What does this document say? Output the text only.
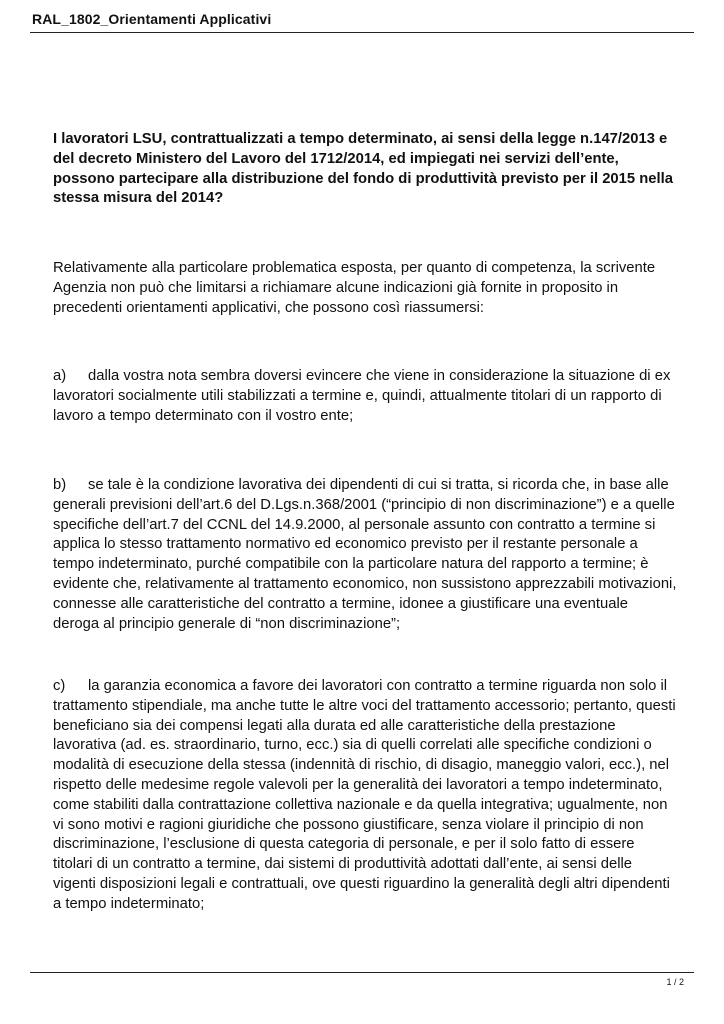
RAL_1802_Orientamenti Applicativi

I lavoratori LSU, contrattualizzati a tempo determinato, ai sensi della legge n.147/2013 e del decreto Ministero del Lavoro del 1712/2014, ed impiegati nei servizi dell’ente, possono partecipare alla distribuzione del fondo di produttività previsto per il 2015 nella stessa misura del 2014?

Relativamente alla particolare problematica esposta, per quanto di competenza, la scrivente Agenzia non può che limitarsi a richiamare alcune indicazioni già fornite in proposito in precedenti orientamenti applicativi, che possono così riassumersi:

a) dalla vostra nota sembra doversi evincere che viene in considerazione la situazione di ex lavoratori socialmente utili stabilizzati a termine e, quindi, attualmente titolari di un rapporto di lavoro a tempo determinato con il vostro ente;

b) se tale è la condizione lavorativa dei dipendenti di cui si tratta, si ricorda che, in base alle generali previsioni dell’art.6 del D.Lgs.n.368/2001 (“principio di non discriminazione”) e a quelle specifiche dell’art.7 del CCNL del 14.9.2000, al personale assunto con contratto a termine si applica lo stesso trattamento normativo ed economico previsto per il restante personale a tempo indeterminato, purché compatibile con la particolare natura del rapporto a termine; è evidente che, relativamente al trattamento economico, non sussistono apprezzabili motivazioni, connesse alle caratteristiche del contratto a termine, idonee a giustificare una eventuale deroga al principio generale di “non discriminazione”;

c) la garanzia economica a favore dei lavoratori con contratto a termine riguarda non solo il trattamento stipendiale, ma anche tutte le altre voci del trattamento accessorio; pertanto, questi beneficiano sia dei compensi legati alla durata ed alle caratteristiche della prestazione lavorativa (ad. es. straordinario, turno, ecc.) sia di quelli correlati alle specifiche condizioni o modalità di esecuzione della stessa (indennità di rischio, di disagio, maneggio valori, ecc.), nel rispetto delle medesime regole valevoli per la generalità dei lavoratori a tempo indeterminato, come stabiliti dalla contrattazione collettiva nazionale e da quella integrativa; ugualmente, non vi sono motivi e ragioni giuridiche che possono giustificare, senza violare il principio di non discriminazione, l’esclusione di questa categoria di personale, e per il solo fatto di essere titolari di un contratto a termine, dai sistemi di produttività adottati dall’ente, ai sensi delle vigenti disposizioni legali e contrattuali, ove questi riguardino la generalità degli altri dipendenti a tempo indeterminato;

1 / 2
